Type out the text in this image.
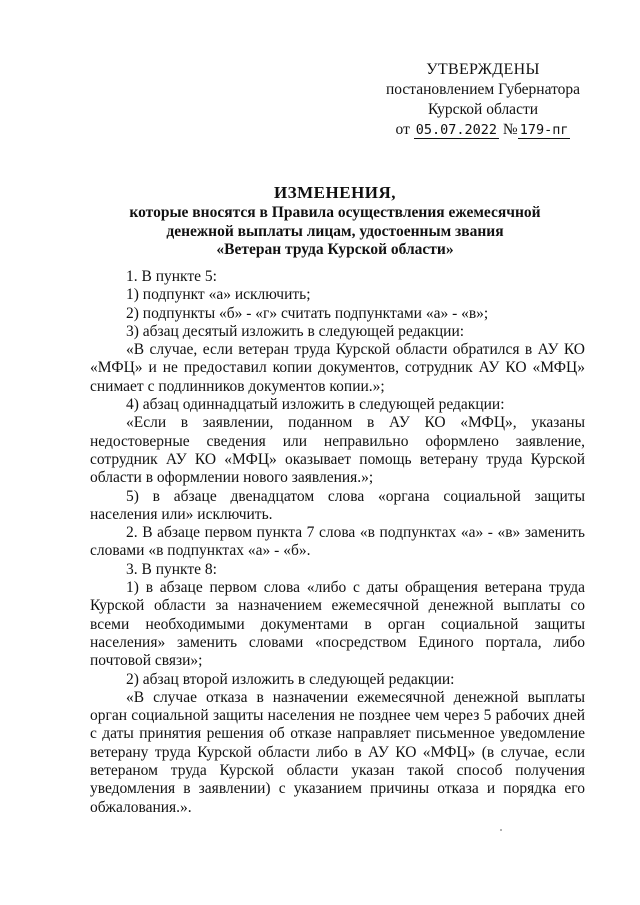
УТВЕРЖДЕНЫ
постановлением Губернатора
Курской области
от 05.07.2022 № 179-пг
ИЗМЕНЕНИЯ,
которые вносятся в Правила осуществления ежемесячной
денежной выплаты лицам, удостоенным звания
«Ветеран труда Курской области»

1. В пункте 5:

1) подпункт «а» исключить;

2) подпункты «б» - «г» считать подпунктами «а» - «в»;

3) абзац десятый изложить в следующей редакции:

«В случае, если ветеран труда Курской области обратился в АУ КО «МФЦ» и не предоставил копии документов, сотрудник АУ КО «МФЦ» снимает с подлинников документов копии.»;

4) абзац одиннадцатый изложить в следующей редакции:

«Если в заявлении, поданном в АУ КО «МФЦ», указаны недостоверные сведения или неправильно оформлено заявление, сотрудник АУ КО «МФЦ» оказывает помощь ветерану труда Курской области в оформлении нового заявления.»;

5) в абзаце двенадцатом слова «органа социальной защиты населения или» исключить.

2. В абзаце первом пункта 7 слова «в подпунктах «а» - «в» заменить словами «в подпунктах «а» - «б».

3. В пункте 8:

1) в абзаце первом слова «либо с даты обращения ветерана труда Курской области за назначением ежемесячной денежной выплаты со всеми необходимыми документами в орган социальной защиты населения» заменить словами «посредством Единого портала, либо почтовой связи»;

2) абзац второй изложить в следующей редакции:

«В случае отказа в назначении ежемесячной денежной выплаты орган социальной защиты населения не позднее чем через 5 рабочих дней с даты принятия решения об отказе направляет письменное уведомление ветерану труда Курской области либо в АУ КО «МФЦ» (в случае, если ветераном труда Курской области указан такой способ получения уведомления в заявлении) с указанием причины отказа и порядка его обжалования.».
